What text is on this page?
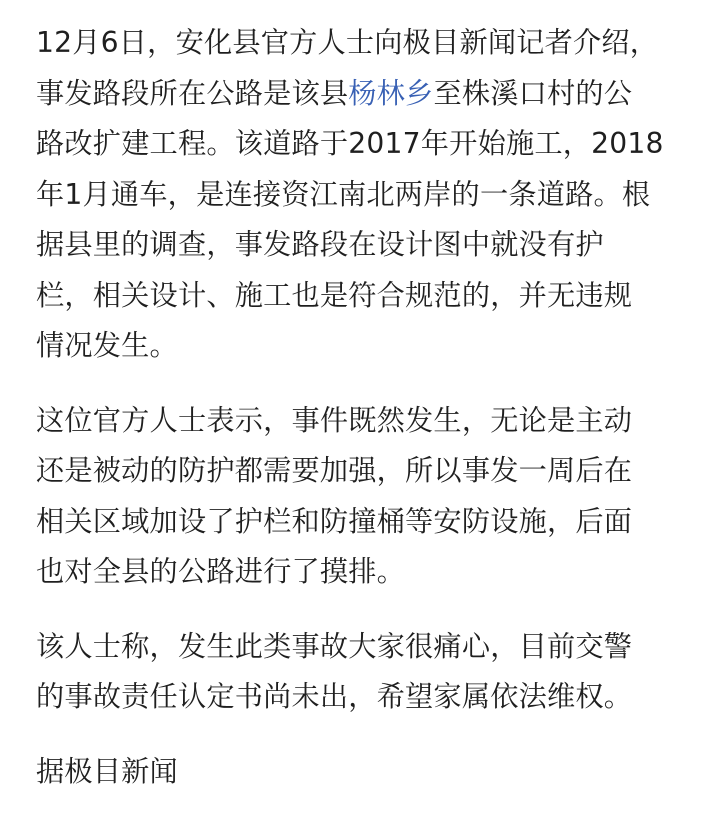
12月6日，安化县官方人士向极目新闻记者介绍，
事发路段所在公路是该县杨林乡至株溪口村的公
路改扩建工程。该道路于2017年开始施工，2018
年1月通车，是连接资江南北两岸的一条道路。根
据县里的调查，事发路段在设计图中就没有护
栏，相关设计、施工也是符合规范的，并无违规
情况发生。

这位官方人士表示，事件既然发生，无论是主动
还是被动的防护都需要加强，所以事发一周后在
相关区域加设了护栏和防撞桶等安防设施，后面
也对全县的公路进行了摸排。

该人士称，发生此类事故大家很痛心，目前交警
的事故责任认定书尚未出，希望家属依法维权。

据极目新闻
